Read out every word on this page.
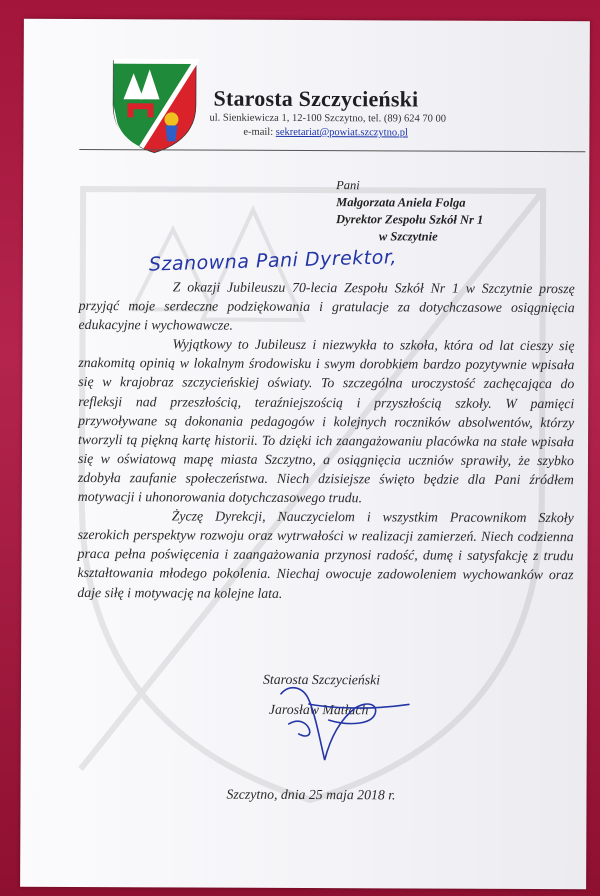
Starosta Szczycieński
ul. Sienkiewicza 1, 12-100 Szczytno, tel. (89) 624 70 00
e-mail: sekretariat@powiat.szczytno.pl
Pani
Małgorzata Aniela Folga
Dyrektor Zespołu Szkół Nr 1
w Szczytnie
Szanowna Pani Dyrektor,

Z okazji Jubileuszu 70-lecia Zespołu Szkół Nr 1 w Szczytnie proszę przyjąć moje serdeczne podziękowania i gratulacje za dotychczasowe osiągnięcia edukacyjne i wychowawcze.

Wyjątkowy to Jubileusz i niezwykła to szkoła, która od lat cieszy się znakomitą opinią w lokalnym środowisku i swym dorobkiem bardzo pozytywnie wpisała się w krajobraz szczycieńskiej oświaty. To szczególna uroczystość zachęcająca do refleksji nad przeszłością, teraźniejszością i przyszłością szkoły. W pamięci przywoływane są dokonania pedagogów i kolejnych roczników absolwentów, którzy tworzyli tą piękną kartę historii. To dzięki ich zaangażowaniu placówka na stałe wpisała się w oświatową mapę miasta Szczytno, a osiągnięcia uczniów sprawiły, że szybko zdobyła zaufanie społeczeństwa. Niech dzisiejsze święto będzie dla Pani źródłem motywacji i uhonorowania dotychczasowego trudu.

Życzę Dyrekcji, Nauczycielom i wszystkim Pracownikom Szkoły szerokich perspektyw rozwoju oraz wytrwałości w realizacji zamierzeń. Niech codzienna praca pełna poświęcenia i zaangażowania przynosi radość, dumę i satysfakcję z trudu kształtowania młodego pokolenia. Niechaj owocuje zadowoleniem wychowanków oraz daje siłę i motywację na kolejne lata.

Starosta Szczycieński
Jarosław Matłach
Szczytno, dnia 25 maja 2018 r.
